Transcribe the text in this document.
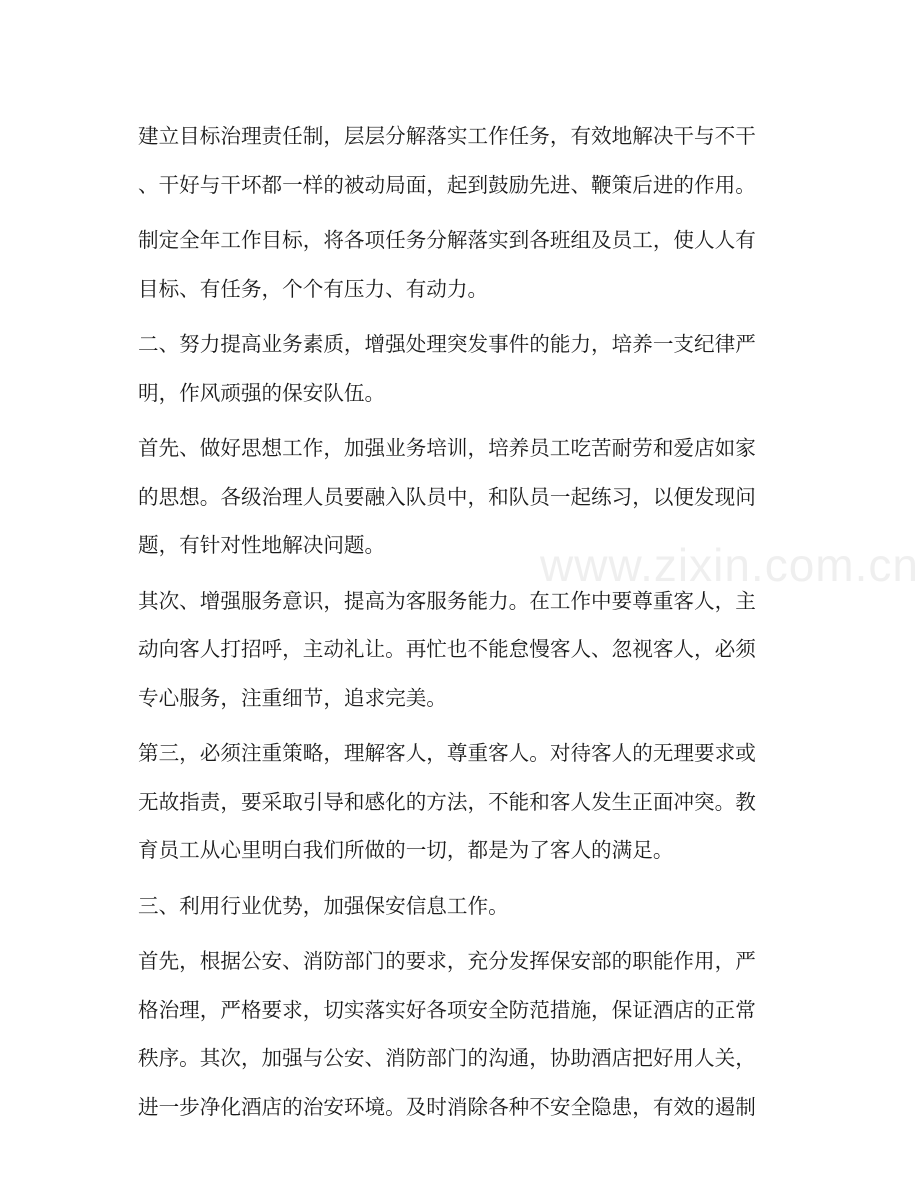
www.zixin.com.cn

建立目标治理责任制，层层分解落实工作任务，有效地解决干与不干
、干好与干坏都一样的被动局面，起到鼓励先进、鞭策后进的作用。

制定全年工作目标，将各项任务分解落实到各班组及员工，使人人有
目标、有任务，个个有压力、有动力。

二、努力提高业务素质，增强处理突发事件的能力，培养一支纪律严
明，作风顽强的保安队伍。

首先、做好思想工作，加强业务培训，培养员工吃苦耐劳和爱店如家
的思想。各级治理人员要融入队员中，和队员一起练习，以便发现问
题，有针对性地解决问题。

其次、增强服务意识，提高为客服务能力。在工作中要尊重客人，主
动向客人打招呼，主动礼让。再忙也不能怠慢客人、忽视客人，必须
专心服务，注重细节，追求完美。

第三，必须注重策略，理解客人，尊重客人。对待客人的无理要求或
无故指责，要采取引导和感化的方法，不能和客人发生正面冲突。教
育员工从心里明白我们所做的一切，都是为了客人的满足。

三、利用行业优势，加强保安信息工作。

首先，根据公安、消防部门的要求，充分发挥保安部的职能作用，严
格治理，严格要求，切实落实好各项安全防范措施，保证酒店的正常
秩序。其次，加强与公安、消防部门的沟通，协助酒店把好用人关，
进一步净化酒店的治安环境。及时消除各种不安全隐患，有效的遏制
